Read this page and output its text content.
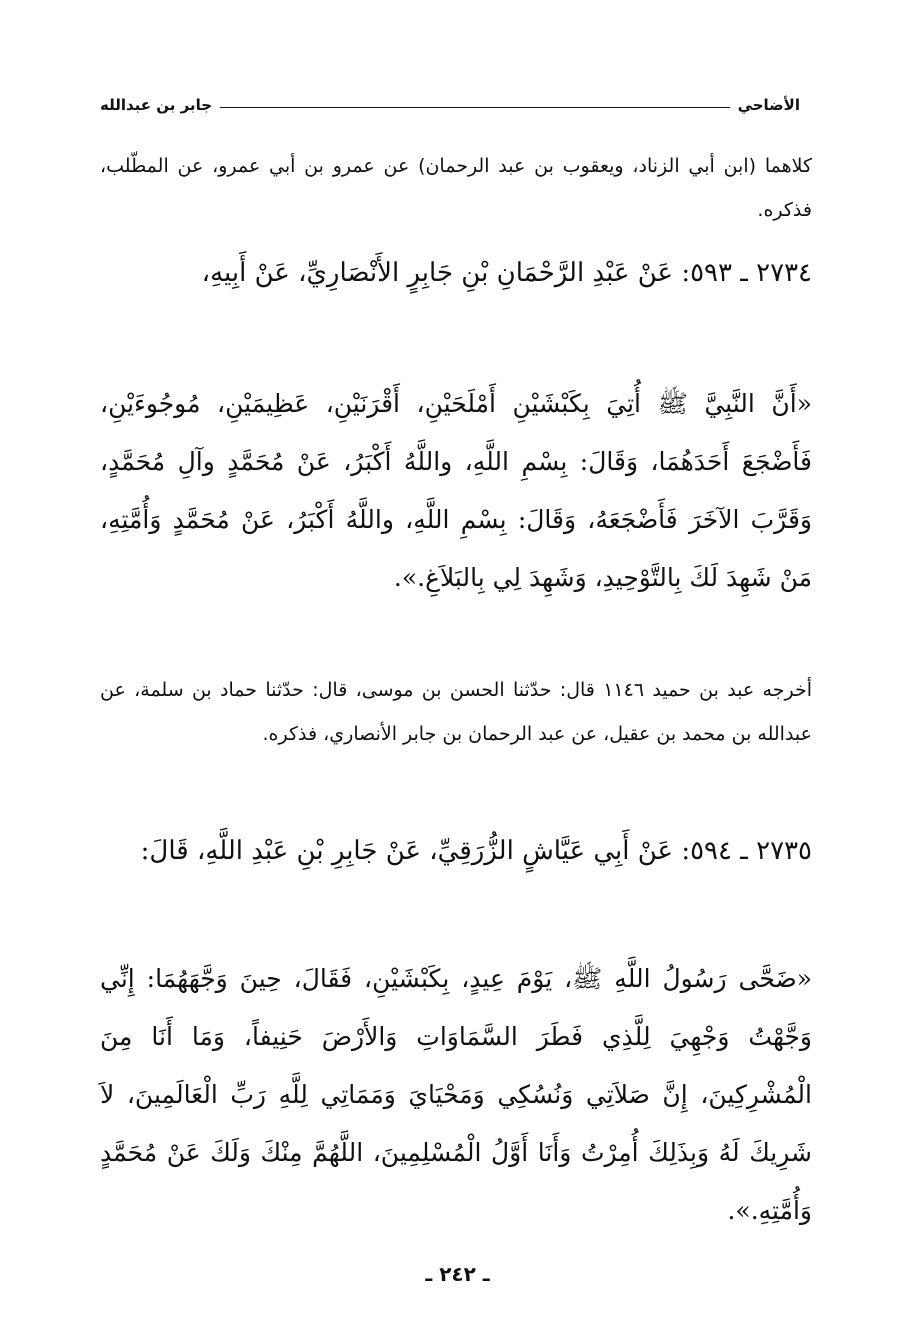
الأضاحي
جابر بن عبدالله
كلاهما (ابن أبي الزناد، ويعقوب بن عبد الرحمان) عن عمرو بن أبي عمرو، عن المطّلب، فذكره.
٢٧٣٤ ـ ٥٩٣: عَنْ عَبْدِ الرَّحْمَانِ بْنِ جَابِرٍ الأَنْصَارِيِّ، عَنْ أَبِيهِ،
«أَنَّ النَّبِيَّ ﷺ أُتِيَ بِكَبْشَيْنِ أَمْلَحَيْنِ، أَقْرَنَيْنِ، عَظِيمَيْنِ، مُوجُوءَيْنِ، فَأَضْجَعَ أَحَدَهُمَا، وَقَالَ: بِسْمِ اللَّهِ، واللَّهُ أَكْبَرُ، عَنْ مُحَمَّدٍ وآلِ مُحَمَّدٍ، وَقَرَّبَ الآخَرَ فَأَضْجَعَهُ، وَقَالَ: بِسْمِ اللَّهِ، واللَّهُ أَكْبَرُ، عَنْ مُحَمَّدٍ وَأُمَّتِهِ، مَنْ شَهِدَ لَكَ بِالتَّوْحِيدِ، وَشَهِدَ لِي بِالبَلاَغِ.».
أخرجه عبد بن حميد ١١٤٦ قال: حدّثنا الحسن بن موسى، قال: حدّثنا حماد بن سلمة، عن عبدالله بن محمد بن عقيل، عن عبد الرحمان بن جابر الأنصاري، فذكره.
٢٧٣٥ ـ ٥٩٤: عَنْ أَبِي عَيَّاشٍ الزُّرَقِيِّ، عَنْ جَابِرِ بْنِ عَبْدِ اللَّهِ، قَالَ:
«ضَحَّى رَسُولُ اللَّهِ ﷺ، يَوْمَ عِيدٍ، بِكَبْشَيْنِ، فَقَالَ، حِينَ وَجَّهَهُمَا: إِنِّي وَجَّهْتُ وَجْهِيَ لِلَّذِي فَطَرَ السَّمَاوَاتِ وَالأَرْضَ حَنِيفاً، وَمَا أَنَا مِنَ الْمُشْرِكِينَ، إِنَّ صَلاَتِي وَنُسُكِي وَمَحْيَايَ وَمَمَاتِي لِلَّهِ رَبِّ الْعَالَمِينَ، لاَ شَرِيكَ لَهُ وَبِذَلِكَ أُمِرْتُ وَأَنَا أَوَّلُ الْمُسْلِمِينَ، اللَّهُمَّ مِنْكَ وَلَكَ عَنْ مُحَمَّدٍ وَأُمَّتِهِ.».
ـ ٢٤٢ ـ
